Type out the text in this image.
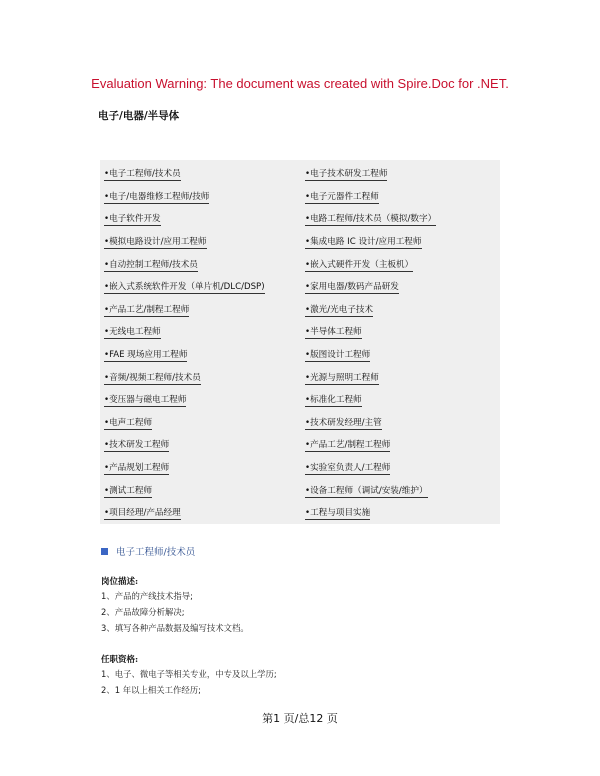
Evaluation Warning: The document was created with Spire.Doc for .NET.
电子/电器/半导体
•电子工程师/技术员
•电子/电器维修工程师/技师
•电子软件开发
•模拟电路设计/应用工程师
•自动控制工程师/技术员
•嵌入式系统软件开发（单片机/DLC/DSP)
•产品工艺/制程工程师
•无线电工程师
•FAE 现场应用工程师
•音频/视频工程师/技术员
•变压器与磁电工程师
•电声工程师
•技术研发工程师
•产品规划工程师
•测试工程师
•项目经理/产品经理
•电子技术研发工程师
•电子元器件工程师
•电路工程师/技术员（模拟/数字）
•集成电路 IC 设计/应用工程师
•嵌入式硬件开发（主板机）
•家用电器/数码产品研发
•激光/光电子技术
•半导体工程师
•版图设计工程师
•光源与照明工程师
•标准化工程师
•技术研发经理/主管
•产品工艺/制程工程师
•实验室负责人/工程师
•设备工程师（调试/安装/维护）
•工程与项目实施
电子工程师/技术员
岗位描述:
1、产品的产线技术指导;
2、产品故障分析解决;
3、填写各种产品数据及编写技术文档。
任职资格:
1、电子、微电子等相关专业，中专及以上学历;
2、1 年以上相关工作经历;
第1 页/总12 页
